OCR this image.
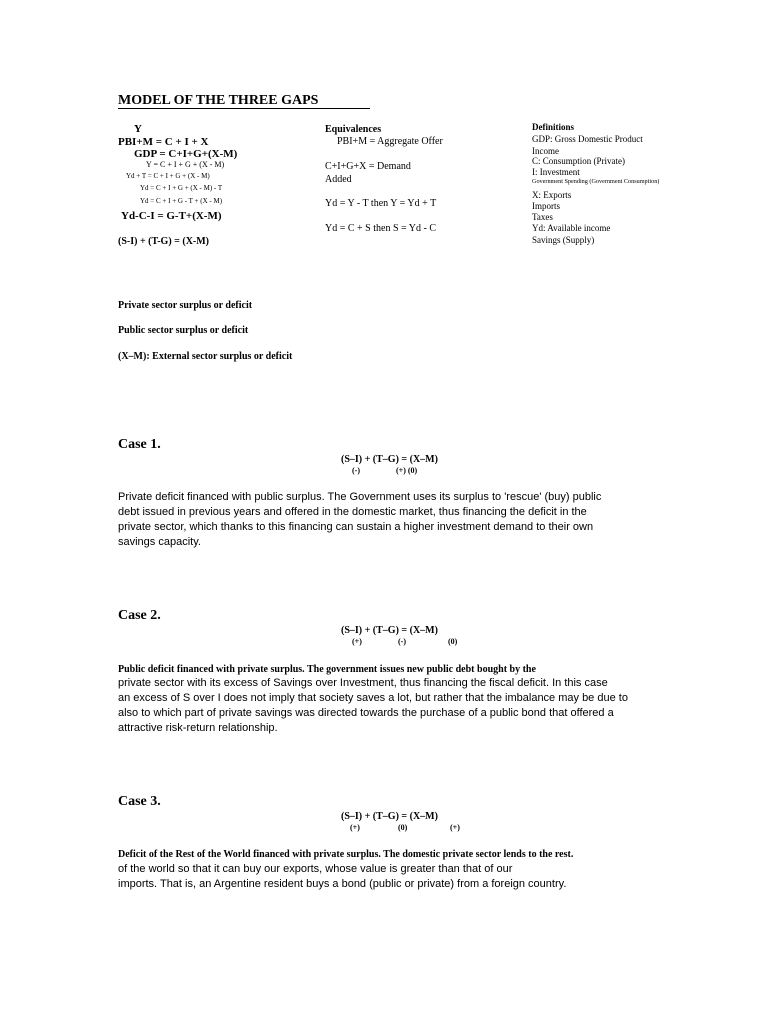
MODEL OF THE THREE GAPS
Y
PBI+M = C + I + X
GDP = C+I+G+(X-M)
Y = C + I + G + (X - M)
Yd + T = C + I + G + (X - M)
Yd = C + I + G + (X - M) - T
Yd = C + I + G - T + (X - M)
Yd-C-I = G-T+(X-M)
(S-I) + (T-G) = (X-M)
Equivalences
PBI+M = Aggregate Offer
C+I+G+X = Demand
Added
Yd = Y - T then Y = Yd + T
Yd = C + S then S = Yd - C
Definitions
GDP: Gross Domestic Product
Income
C: Consumption (Private)
I: Investment
Government Spending (Government Consumption)
X: Exports
Imports
Taxes
Yd: Available income
Savings (Supply)
Private sector surplus or deficit
Public sector surplus or deficit
(X–M): External sector surplus or deficit
Case 1.
(S–I) + (T–G) = (X–M)
(-)	(+) (0)
Private deficit financed with public surplus. The Government uses its surplus to 'rescue' (buy) public debt issued in previous years and offered in the domestic market, thus financing the deficit in the private sector, which thanks to this financing can sustain a higher investment demand to their own savings capacity.
Case 2.
(S–I) + (T–G) = (X–M)
(+)	(-)	(0)
Public deficit financed with private surplus. The government issues new public debt bought by the
private sector with its excess of Savings over Investment, thus financing the fiscal deficit. In this case
an excess of S over I does not imply that society saves a lot, but rather that the imbalance may be due to
also to which part of private savings was directed towards the purchase of a public bond that offered a
attractive risk-return relationship.
Case 3.
(S–I) + (T–G) = (X–M)
(+)	(0)	(+)
Deficit of the Rest of the World financed with private surplus. The domestic private sector lends to the rest.
of the world so that it can buy our exports, whose value is greater than that of our
imports. That is, an Argentine resident buys a bond (public or private) from a foreign country.
